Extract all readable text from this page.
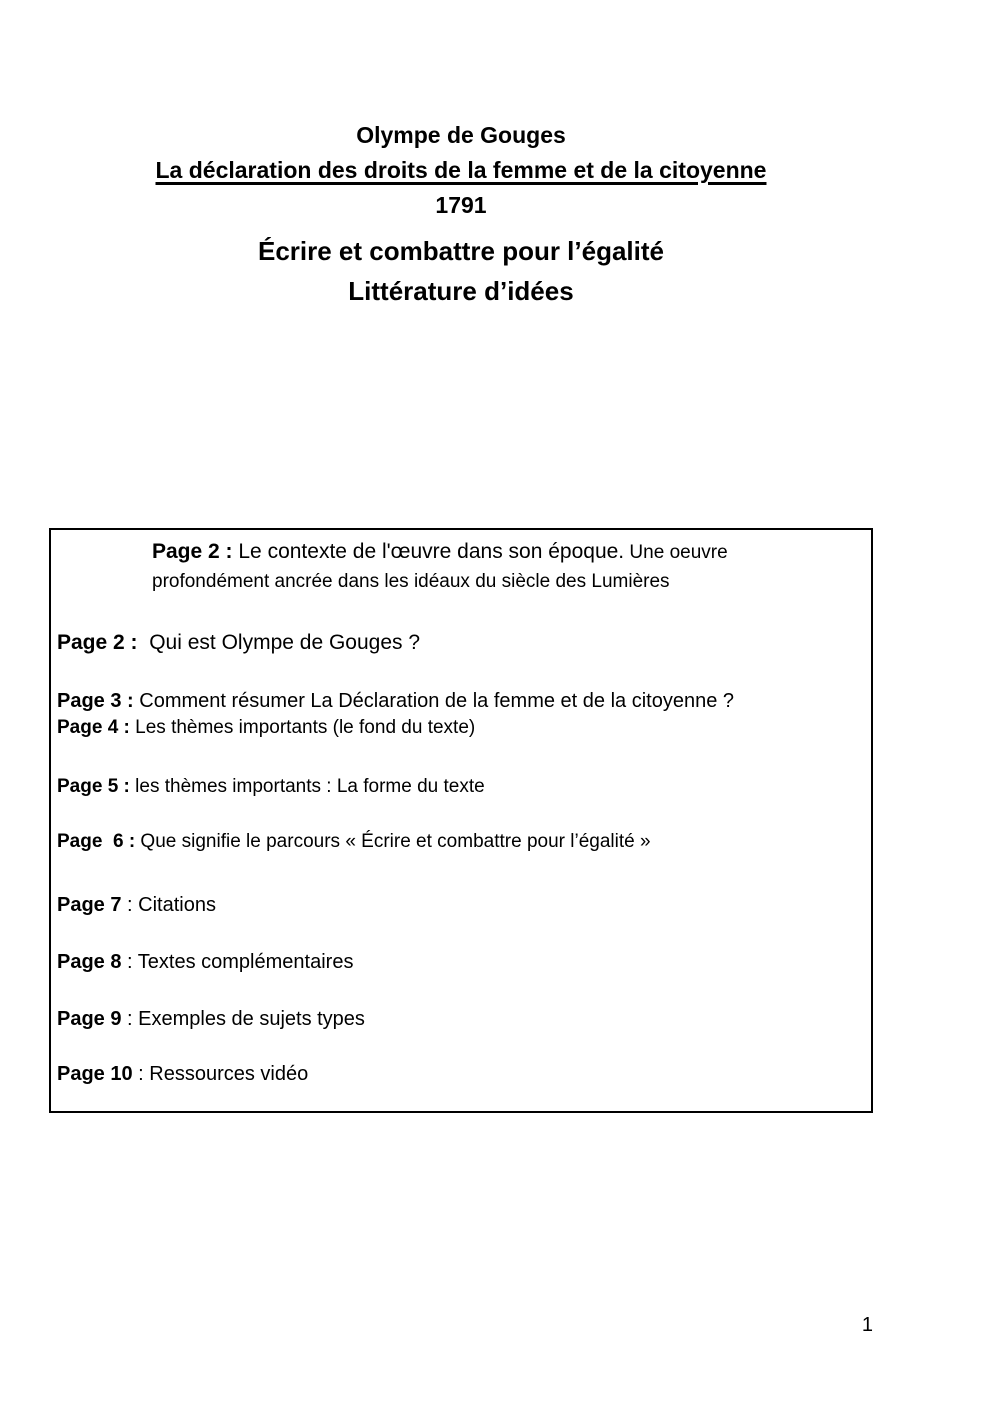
Olympe de Gouges
La déclaration des droits de la femme et de la citoyenne
1791
Écrire et combattre pour l’égalité
Littérature d’idées
Page 2 : Le contexte de l'œuvre dans son époque. Une oeuvre profondément ancrée dans les idéaux du siècle des Lumières
Page 2 :  Qui est Olympe de Gouges ?
Page 3 : Comment résumer La Déclaration de la femme et de la citoyenne ?
Page 4 : Les thèmes importants (le fond du texte)
Page 5 : les thèmes importants : La forme du texte
Page  6 : Que signifie le parcours « Écrire et combattre pour l’égalité »
Page 7 : Citations
Page 8 : Textes complémentaires
Page 9 : Exemples de sujets types
Page 10 : Ressources vidéo
1
